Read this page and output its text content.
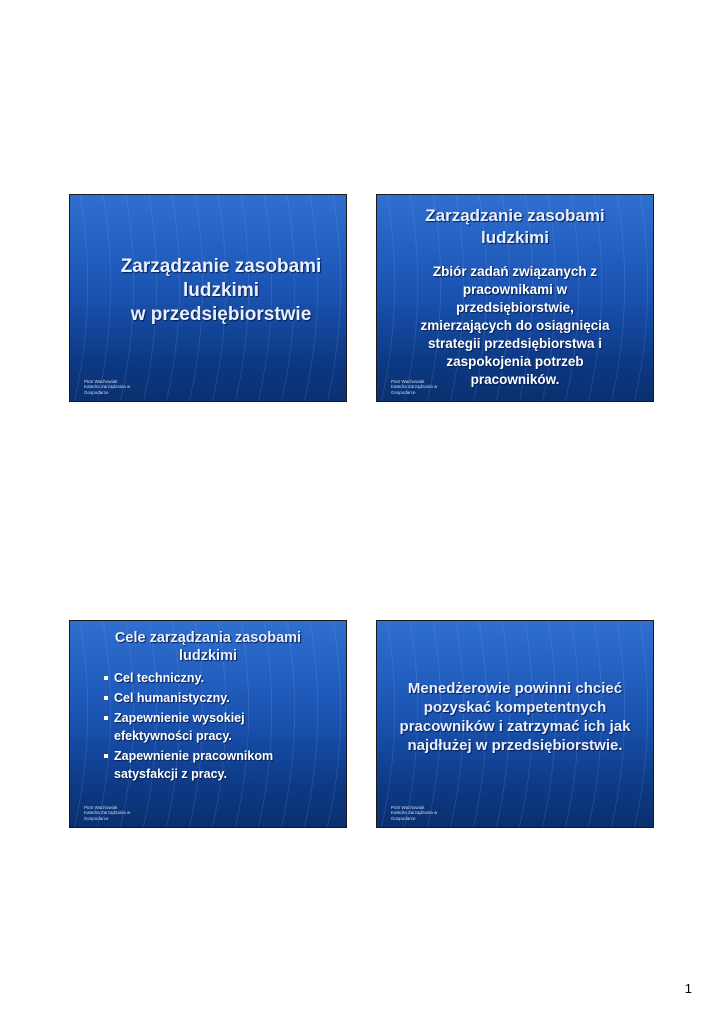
Zarządzanie zasobami
ludzkimi
w przedsiębiorstwie
Piotr Wachowiak
Katedra Zarządzania w
Gospodarce
Zarządzanie zasobami
ludzkimi
Zbiór zadań związanych z
pracownikami w
przedsiębiorstwie,
zmierzających do osiągnięcia
strategii przedsiębiorstwa i
zaspokojenia potrzeb
pracowników.
Piotr Wachowiak
Katedra Zarządzania w
Gospodarce
Cele zarządzania zasobami
ludzkimi
Cel techniczny.
Cel humanistyczny.
Zapewnienie wysokiej
efektywności pracy.
Zapewnienie pracownikom
satysfakcji z pracy.
Piotr Wachowiak
Katedra Zarządzania w
Gospodarce
Menedżerowie powinni chcieć
pozyskać kompetentnych
pracowników i zatrzymać ich jak
najdłużej w przedsiębiorstwie.
Piotr Wachowiak
Katedra Zarządzania w
Gospodarce
1
